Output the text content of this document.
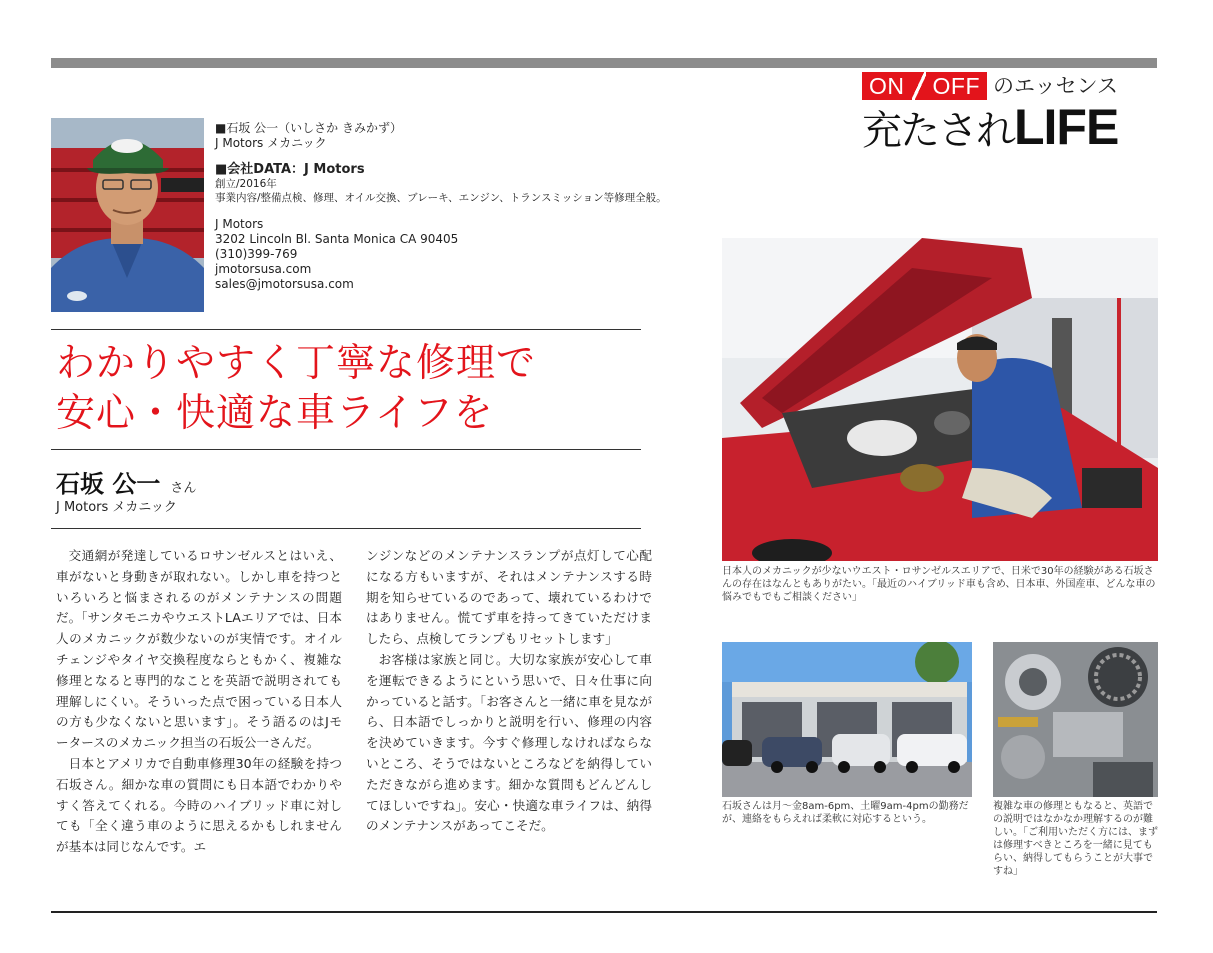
ON	OFF のエッセンス
充たされ LIFE
■石坂 公一（いしさか きみかず）
J Motors メカニック
■会社DATA：J Motors
創立/2016年
事業内容/整備点検、修理、オイル交換、ブレーキ、エンジン、トランスミッション等修理全般。
J Motors
3202 Lincoln Bl. Santa Monica CA 90405
(310)399-769
jmotorsusa.com
sales@jmotorsusa.com
わかりやすく丁寧な修理で
安心・快適な車ライフを
石坂 公一 さん
J Motors メカニック

交通網が発達しているロサンゼルスとはいえ、車がないと身動きが取れない。しかし車を持つといろいろと悩まされるのがメンテナンスの問題だ。「サンタモニカやウエストLAエリアでは、日本人のメカニックが数少ないのが実情です。オイルチェンジやタイヤ交換程度ならともかく、複雑な修理となると専門的なことを英語で説明されても理解しにくい。そういった点で困っている日本人の方も少なくないと思います」。そう語るのはJモータースのメカニック担当の石坂公一さんだ。

日本とアメリカで自動車修理30年の経験を持つ石坂さん。細かな車の質問にも日本語でわかりやすく答えてくれる。今時のハイブリッド車に対しても「全く違う車のように思えるかもしれませんが基本は同じなんです。エ

ンジンなどのメンテナンスランプが点灯して心配になる方もいますが、それはメンテナンスする時期を知らせているのであって、壊れているわけではありません。慌てず車を持ってきていただけましたら、点検してランプもリセットします」

お客様は家族と同じ。大切な家族が安心して車を運転できるようにという思いで、日々仕事に向かっていると話す。「お客さんと一緒に車を見ながら、日本語でしっかりと説明を行い、修理の内容を決めていきます。今すぐ修理しなければならないところ、そうではないところなどを納得していただきながら進めます。細かな質問もどんどんしてほしいですね」。安心・快適な車ライフは、納得のメンテナンスがあってこそだ。

日本人のメカニックが少ないウエスト・ロサンゼルスエリアで、日米で30年の経験がある石坂さんの存在はなんともありがたい。「最近のハイブリッド車も含め、日本車、外国産車、どんな車の悩みでもでもご相談ください」
石坂さんは月～金8am-6pm、土曜9am-4pmの勤務だが、連絡をもらえれば柔軟に対応するという。
複雑な車の修理ともなると、英語での説明ではなかなか理解するのが難しい。「ご利用いただく方には、まずは修理すべきところを一緒に見てもらい、納得してもらうことが大事ですね」
